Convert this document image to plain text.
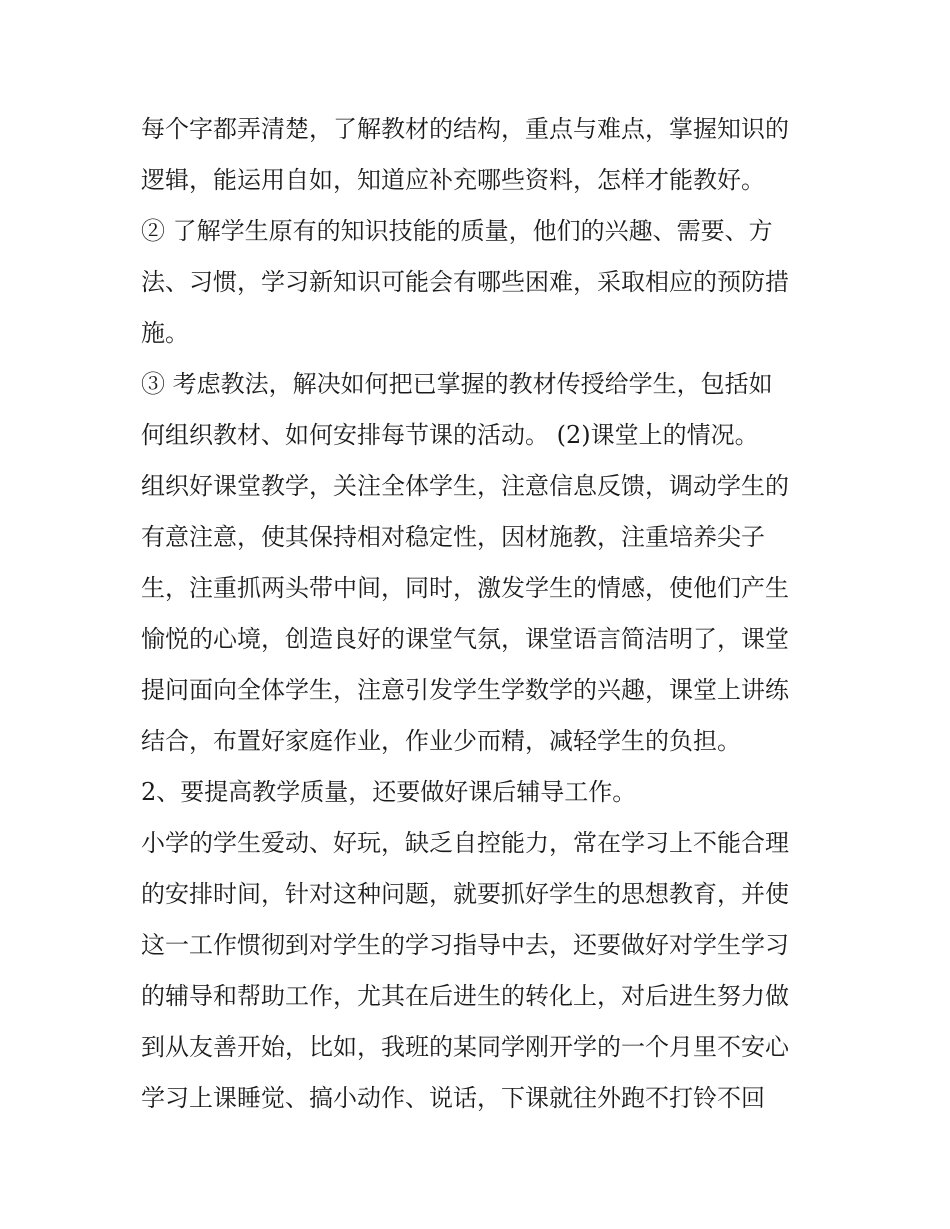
每个字都弄清楚，了解教材的结构，重点与难点，掌握知识的
逻辑，能运用自如，知道应补充哪些资料，怎样才能教好。
② 了解学生原有的知识技能的质量，他们的兴趣、需要、方
法、习惯，学习新知识可能会有哪些困难，采取相应的预防措
施。
③ 考虑教法，解决如何把已掌握的教材传授给学生，包括如
何组织教材、如何安排每节课的活动。 (2)课堂上的情况。
组织好课堂教学，关注全体学生，注意信息反馈，调动学生的
有意注意，使其保持相对稳定性，因材施教，注重培养尖子
生，注重抓两头带中间，同时，激发学生的情感，使他们产生
愉悦的心境，创造良好的课堂气氛，课堂语言简洁明了，课堂
提问面向全体学生，注意引发学生学数学的兴趣，课堂上讲练
结合，布置好家庭作业，作业少而精，减轻学生的负担。
2、要提高教学质量，还要做好课后辅导工作。
小学的学生爱动、好玩，缺乏自控能力，常在学习上不能合理
的安排时间，针对这种问题，就要抓好学生的思想教育，并使
这一工作惯彻到对学生的学习指导中去，还要做好对学生学习
的辅导和帮助工作，尤其在后进生的转化上，对后进生努力做
到从友善开始，比如，我班的某同学刚开学的一个月里不安心
学习上课睡觉、搞小动作、说话，下课就往外跑不打铃不回
